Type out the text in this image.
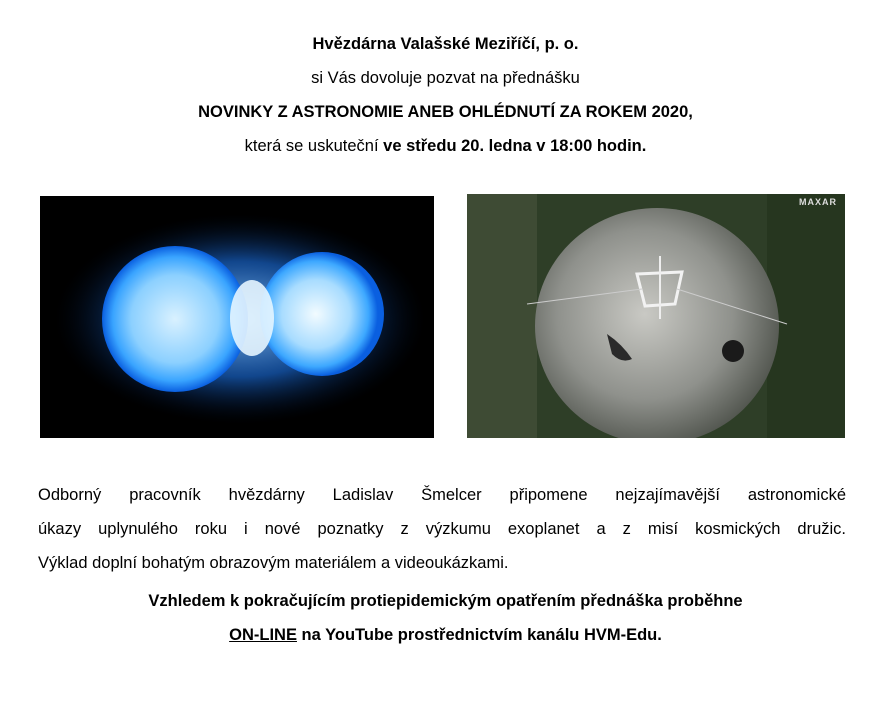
Hvězdárna Valašské Meziříčí, p. o.
si Vás dovoluje pozvat na přednášku
NOVINKY Z ASTRONOMIE ANEB OHLÉDNUTÍ ZA ROKEM 2020,
která se uskuteční ve středu 20. ledna v 18:00 hodin.
MAXAR
Odborný pracovník hvězdárny Ladislav Šmelcer připomene nejzajímavější astronomické
úkazy uplynulého roku i nové poznatky z výzkumu exoplanet a z misí kosmických družic.
Výklad doplní bohatým obrazovým materiálem a videoukázkami.
Vzhledem k pokračujícím protiepidemickým opatřením přednáška proběhne
ON-LINE na YouTube prostřednictvím kanálu HVM-Edu.
